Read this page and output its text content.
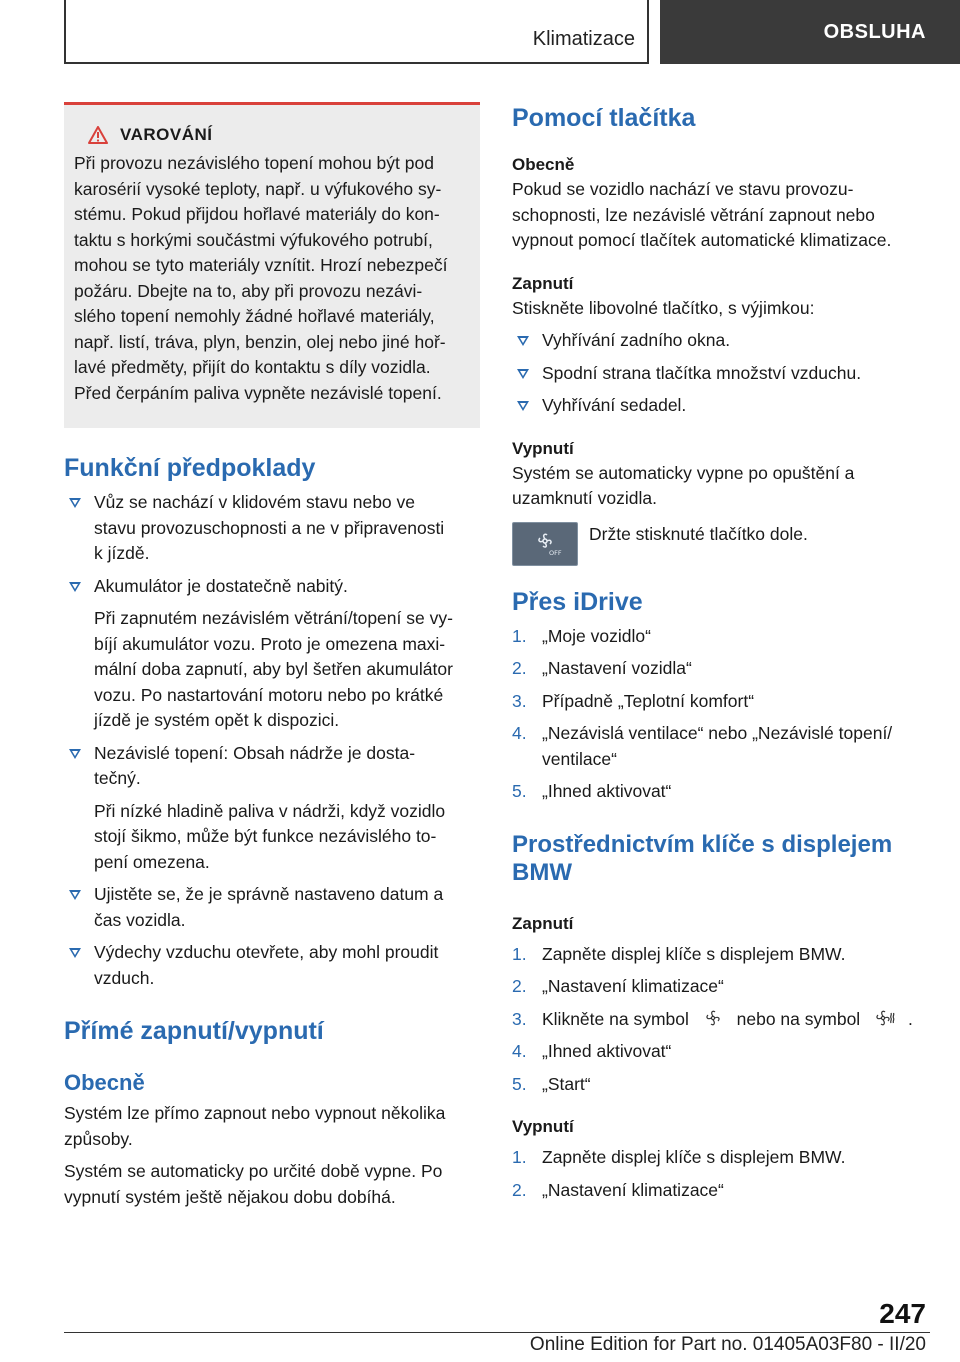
Klimatizace	OBSLUHA
VAROVÁNÍ
Při provozu nezávislého topení mohou být pod
karosérií vysoké teploty, např. u výfukového sy-
stému. Pokud přijdou hořlavé materiály do kon-
taktu s horkými součástmi výfukového potrubí,
mohou se tyto materiály vznítit. Hrozí nebezpečí
požáru. Dbejte na to, aby při provozu nezávi-
slého topení nemohly žádné hořlavé materiály,
např. listí, tráva, plyn, benzin, olej nebo jiné hoř-
lavé předměty, přijít do kontaktu s díly vozidla.
Před čerpáním paliva vypněte nezávislé topení.
Funkční předpoklady
Vůz se nachází v klidovém stavu nebo ve
stavu provozuschopnosti a ne v připravenosti
k jízdě.
Akumulátor je dostatečně nabitý.
Při zapnutém nezávislém větrání/topení se vy-
bíjí akumulátor vozu. Proto je omezena maxi-
mální doba zapnutí, aby byl šetřen akumulátor
vozu. Po nastartování motoru nebo po krátké
jízdě je systém opět k dispozici.
Nezávislé topení: Obsah nádrže je dosta-
tečný.
Při nízké hladině paliva v nádrži, když vozidlo
stojí šikmo, může být funkce nezávislého to-
pení omezena.
Ujistěte se, že je správně nastaveno datum a
čas vozidla.
Výdechy vzduchu otevřete, aby mohl proudit
vzduch.
Přímé zapnutí/vypnutí
Obecně

Systém lze přímo zapnout nebo vypnout několika
způsoby.

Systém se automaticky po určité době vypne. Po
vypnutí systém ještě nějakou dobu dobíhá.

Pomocí tlačítka
Obecně

Pokud se vozidlo nachází ve stavu provozu-
schopnosti, lze nezávislé větrání zapnout nebo
vypnout pomocí tlačítek automatické klimatizace.

Zapnutí

Stiskněte libovolné tlačítko, s výjimkou:

Vyhřívání zadního okna.
Spodní strana tlačítka množství vzduchu.
Vyhřívání sedadel.
Vypnutí

Systém se automaticky vypne po opuštění a
uzamknutí vozidla.

OFF
Držte stisknuté tlačítko dole.
Přes iDrive
1. „Moje vozidlo“
2. „Nastavení vozidla“
3. Případně „Teplotní komfort“
4. „Nezávislá ventilace“ nebo „Nezávislé topení/
ventilace“
5. „Ihned aktivovat“
Prostřednictvím klíče s displejem
BMW
Zapnutí
1. Zapněte displej klíče s displejem BMW.
2. „Nastavení klimatizace“
3. Klikněte na symbol	nebo na symbol	.
4. „Ihned aktivovat“
5. „Start“
Vypnutí
1. Zapněte displej klíče s displejem BMW.
2. „Nastavení klimatizace“
247
Online Edition for Part no. 01405A03F80 - II/20
